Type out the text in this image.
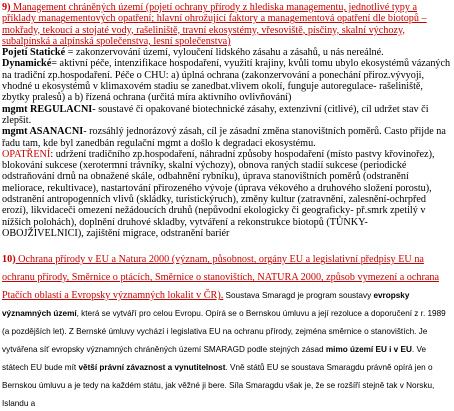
9) Management chráněných území (pojetí ochrany přírody z hlediska managementu, jednotlivé typy a příklady managementových opatření; hlavní ohrožující faktory a managementová opatření dle biotopů – mokřady, tekoucí a stojaté vody, rašeliniště, travní ekosystémy, vřesoviště, písčiny, skalní výchozy, subalpínská a alpínská společenstva, lesní společenstva)
Pojetí Statické = zakonzervování území, vyloučení lidského zásahu a zásahů, u nás nereálné.
Dynamické= aktivní péče, intenzifikace hospodaření, využití krajiny, kvůli tomu ubylo ekosystémů vázaných na tradiční zp.hospodaření. Péče o CHU: a) úplná ochrana (zakonzervování a ponechání přiroz.vývyoji, vhodné u ekosystémů v klimaxovém stadiu se zanedbat.vlivem okolí, funguje autoregulace- rašeliniště, zbytky pralesů) a b) řízená ochrana (určitá míra aktivního ovlivňování)
mgmt REGULACNI- soustavé či opakované biotechnické zásahy, extenzivní (citlivé), cíl udržet stav či zlepšit.
mgmt ASANACNI- rozsáhlý jednorázový zásah, cíl je zásadní změna stanovištních poměrů. Casto přijde na řadu tam, kde byl zanedbán regulační mgmt a došlo k degradaci ekosystému.
OPATŘENÍ: udržení tradičního zp.hospodaření, náhradní způsoby hospodaření (místo pastvy křovinořez), blokování sukcese (xerotermní trávníky, skalní výchozy), obnova raných stadií sukcese (periodické odstraňování drnů na obnažené skále, odbahnění rybníku), úprava stanovištních poměrů (odstranění meliorace, rekultivace), nastartování přirozeného vývoje (úprava vékového a druhového složení porostu), odstranění antropogenních vlivů (skládky, turistickýruch), změny kultur (zatravnění, zalesnění-ochrpřed erozí), likvidaceči omezení nežádoucích druhů (nepůvodní ekologicky či geograficky- př.smrk zpetilý v nížších polohách), doplnění druhové skladby, vytváření a rekonstrukce biotopů (TŮNKY- OBOJŽIVELNICI), zajištění migrace, odstranění bariér

10) Ochrana přírody v EU a Natura 2000 (význam, působnost, orgány EU a legislativní předpisy EU na ochranu přírody, Směrnice o ptácích, Směrnice o stanovištích, NATURA 2000, způsob vymezení a ochrana Ptačích oblastí a Evropsky významných lokalit v ČR). Soustava Smaragd je program soustavy evropsky významných území, která se vytváří pro celou Evropu. Opírá se o Bernskou úmluvu a její rezoluce a doporučení z r. 1989 (a pozdějších let). Z Bernské úmluvy vychází i legislativa EU na ochranu přírody, zejména směrnice o stanovištích. Je vytvářena síť evropsky významných chráněných území SMARAGD podle stejných zásad mimo území EU i v EU. Ve státech EU bude mít větší právní závaznost a vynutitelnost. Vně států EU se soustava Smaragdu právně opírá jen o Bernskou úmluvu a je tedy na každém státu, jak věžné ji bere. Síla Smaragdu však je, že se rozšíří stejně tak v Norsku, Islandu a
